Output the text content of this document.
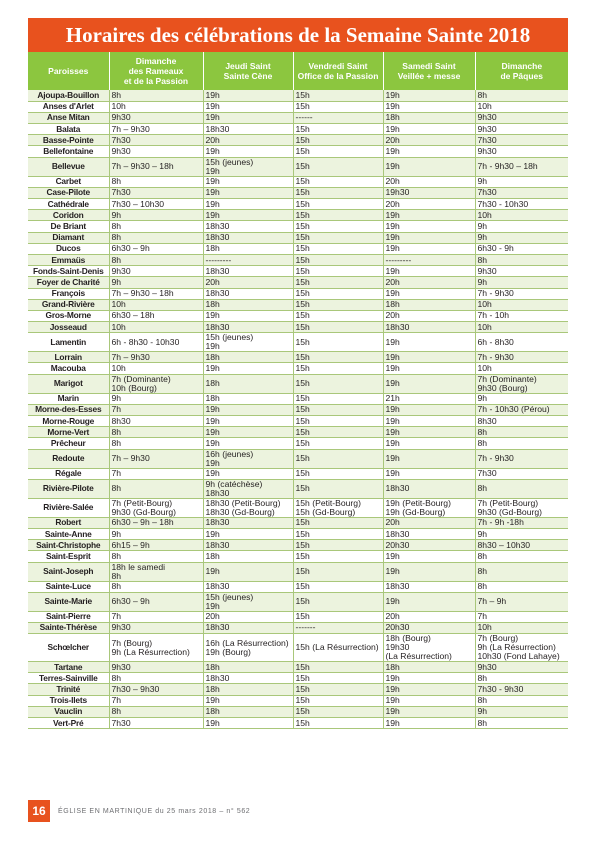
Horaires des célébrations de la Semaine Sainte 2018
Paroisses	Dimanche
des Rameaux
et de la Passion	Jeudi Saint
Sainte Cène	Vendredi Saint
Office de la Passion	Samedi Saint
Veillée + messe	Dimanche
de Pâques

Ajoupa-Bouillon	8h	19h	15h	19h	8h

Anses d'Arlet	10h	19h	15h	19h	10h

Anse Mitan	9h30	19h	------	18h	9h30

Balata	7h – 9h30	18h30	15h	19h	9h30

Basse-Pointe	7h30	20h	15h	20h	7h30

Bellefontaine	9h30	19h	15h	19h	9h30

Bellevue	7h – 9h30 – 18h	15h (jeunes)
19h	15h	19h	7h - 9h30 – 18h

Carbet	8h	19h	15h	20h	9h

Case-Pilote	7h30	19h	15h	19h30	7h30

Cathédrale	7h30 – 10h30	19h	15h	20h	7h30 - 10h30

Coridon	9h	19h	15h	19h	10h

De Briant	8h	18h30	15h	19h	9h

Diamant	8h	18h30	15h	19h	9h

Ducos	6h30 – 9h	18h	15h	19h	6h30 - 9h

Emmaüs	8h	---------	15h	---------	8h

Fonds-Saint-Denis	9h30	18h30	15h	19h	9h30

Foyer de Charité	9h	20h	15h	20h	9h

François	7h – 9h30 – 18h	18h30	15h	19h	7h - 9h30

Grand-Rivière	10h	18h	15h	18h	10h

Gros-Morne	6h30 – 18h	19h	15h	20h	7h - 10h

Josseaud	10h	18h30	15h	18h30	10h

Lamentin	6h - 8h30 - 10h30	15h (jeunes)
19h	15h	19h	6h - 8h30

Lorrain	7h – 9h30	18h	15h	19h	7h - 9h30

Macouba	10h	19h	15h	19h	10h

Marigot	7h (Dominante)
10h (Bourg)	18h	15h	19h	7h (Dominante)
9h30 (Bourg)

Marin	9h	18h	15h	21h	9h

Morne-des-Esses	7h	19h	15h	19h	7h - 10h30 (Pérou)

Morne-Rouge	8h30	19h	15h	19h	8h30

Morne-Vert	8h	19h	15h	19h	8h

Prêcheur	8h	19h	15h	19h	8h

Redoute	7h – 9h30	16h (jeunes)
19h	15h	19h	7h - 9h30

Régale	7h	19h	15h	19h	7h30

Rivière-Pilote	8h	9h (catéchèse)
18h30	15h	18h30	8h

Rivière-Salée	7h (Petit-Bourg)
9h30 (Gd-Bourg)	18h30 (Petit-Bourg)
18h30 (Gd-Bourg)	15h (Petit-Bourg)
15h (Gd-Bourg)	19h (Petit-Bourg)
19h (Gd-Bourg)	7h (Petit-Bourg)
9h30 (Gd-Bourg)

Robert	6h30 – 9h – 18h	18h30	15h	20h	7h - 9h -18h

Sainte-Anne	9h	19h	15h	18h30	9h

Saint-Christophe	6h15 – 9h	18h30	15h	20h30	8h30 – 10h30

Saint-Esprit	8h	18h	15h	19h	8h

Saint-Joseph	18h le samedi
8h	19h	15h	19h	8h

Sainte-Luce	8h	18h30	15h	18h30	8h

Sainte-Marie	6h30 – 9h	15h (jeunes)
19h	15h	19h	7h – 9h

Saint-Pierre	7h	20h	15h	20h	7h

Sainte-Thérèse	9h30	18h30	-------	20h30	10h

Schœlcher	7h (Bourg)
9h (La Résurrection)	16h (La Résurrection)
19h (Bourg)	15h (La Résurrection)	18h (Bourg)
19h30
(La Résurrection)	7h (Bourg)
9h (La Résurrection)
10h30 (Fond Lahaye)

Tartane	9h30	18h	15h	18h	9h30

Terres-Sainville	8h	18h30	15h	19h	8h

Trinité	7h30 – 9h30	18h	15h	19h	7h30 - 9h30

Trois-Ilets	7h	19h	15h	19h	8h

Vauclin	8h	18h	15h	19h	9h

Vert-Pré	7h30	19h	15h	19h	8h
16	ÉGLISE EN MARTINIQUE du 25 mars 2018 – n° 562
